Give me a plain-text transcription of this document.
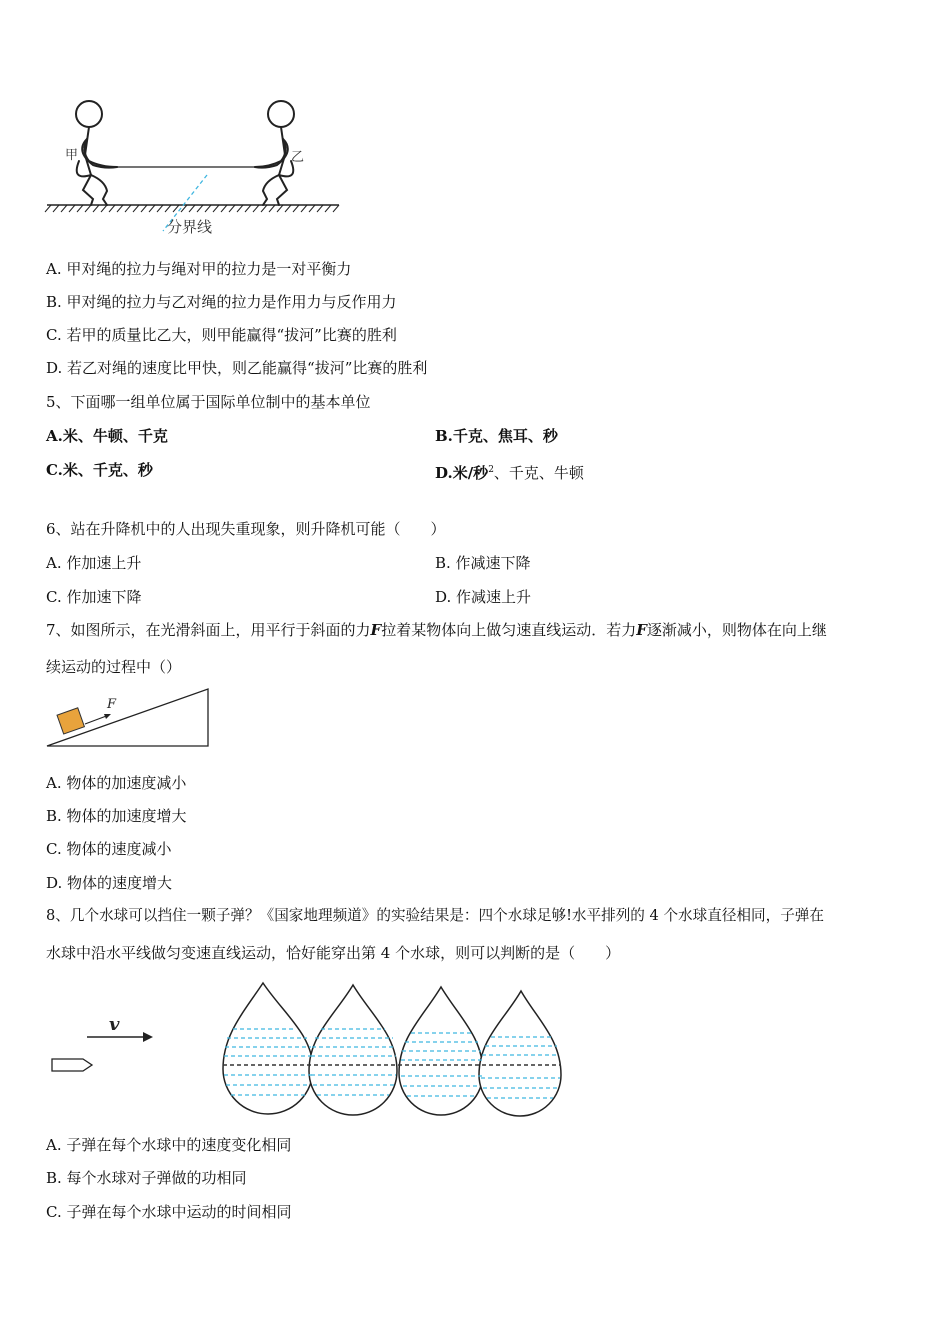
甲	乙
分界线
A. 甲对绳的拉力与绳对甲的拉力是一对平衡力
B. 甲对绳的拉力与乙对绳的拉力是作用力与反作用力
C. 若甲的质量比乙大，则甲能赢得“拔河”比赛的胜利
D. 若乙对绳的速度比甲快，则乙能赢得“拔河”比赛的胜利
5、下面哪一组单位属于国际单位制中的基本单位
A.米、牛顿、千克	B.千克、焦耳、秒
C.米、千克、秒	D.米/秒$^2$、千克、牛顿
6、站在升降机中的人出现失重现象，则升降机可能（　　）
A. 作加速上升	B. 作减速下降
C. 作加速下降	D. 作减速上升
7、如图所示，在光滑斜面上，用平行于斜面的力F拉着某物体向上做匀速直线运动．若力F逐渐减小，则物体在向上继
续运动的过程中（）
F
A. 物体的加速度减小
B. 物体的加速度增大
C. 物体的速度减小
D. 物体的速度增大
8、几个水球可以挡住一颗子弹？《国家地理频道》的实验结果是：四个水球足够!水平排列的 4 个水球直径相同，子弹在
水球中沿水平线做匀变速直线运动，恰好能穿出第 4 个水球，则可以判断的是（　　）
v
A. 子弹在每个水球中的速度变化相同
B. 每个水球对子弹做的功相同
C. 子弹在每个水球中运动的时间相同
